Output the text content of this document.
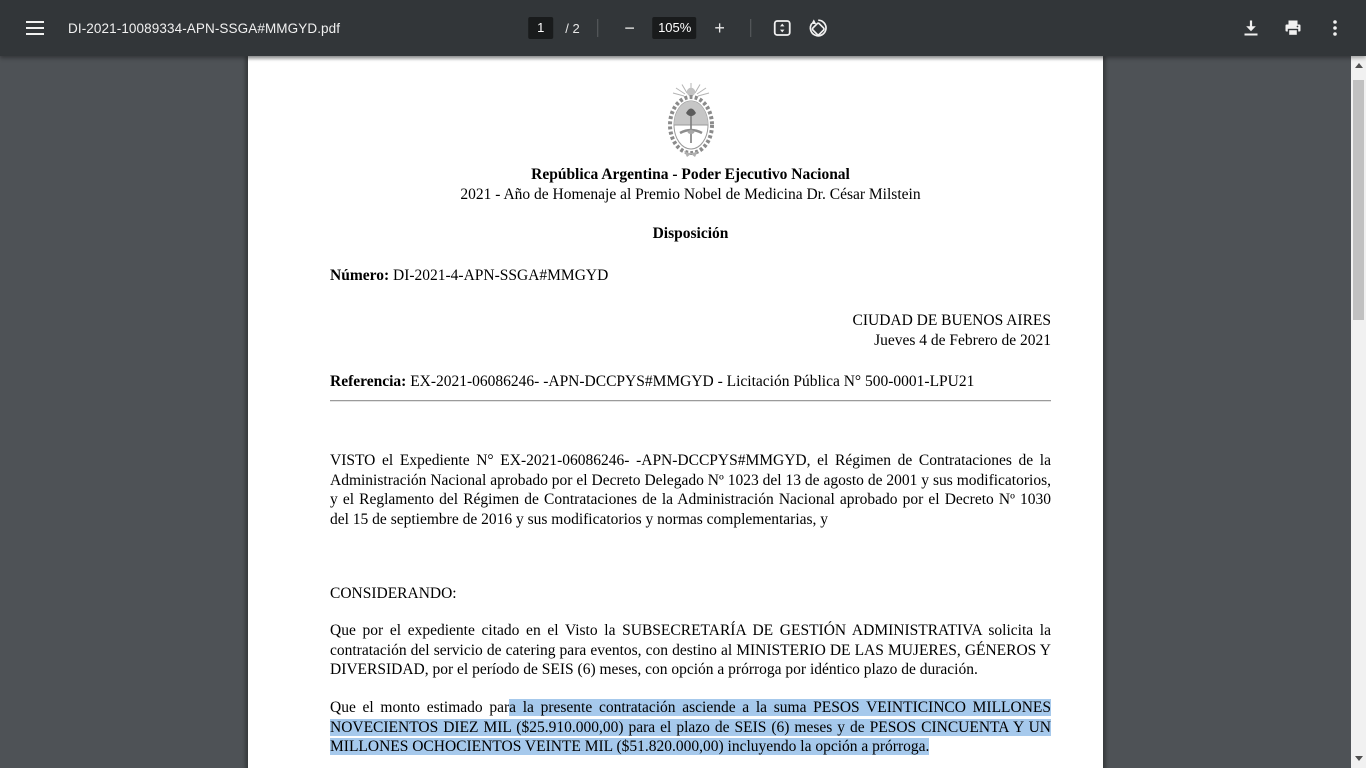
DI-2021-10089334-APN-SSGA#MMGYD.pdf	1	/ 2	−	105%	+
República Argentina - Poder Ejecutivo Nacional
2021 - Año de Homenaje al Premio Nobel de Medicina Dr. César Milstein
Disposición
Número: DI-2021-4-APN-SSGA#MMGYD
CIUDAD DE BUENOS AIRES
Jueves 4 de Febrero de 2021
Referencia: EX-2021-06086246- -APN-DCCPYS#MMGYD - Licitación Pública N° 500-0001-LPU21

VISTO el Expediente N° EX-2021-06086246- -APN-DCCPYS#MMGYD, el Régimen de Contrataciones de la Administración Nacional aprobado por el Decreto Delegado Nº 1023 del 13 de agosto de 2001 y sus modificatorios, y el Reglamento del Régimen de Contrataciones de la Administración Nacional aprobado por el Decreto Nº 1030 del 15 de septiembre de 2016 y sus modificatorios y normas complementarias, y

CONSIDERANDO:

Que por el expediente citado en el Visto la SUBSECRETARÍA DE GESTIÓN ADMINISTRATIVA solicita la contratación del servicio de catering para eventos, con destino al MINISTERIO DE LAS MUJERES, GÉNEROS Y DIVERSIDAD, por el período de SEIS (6) meses, con opción a prórroga por idéntico plazo de duración.

Que el monto estimado para la presente contratación asciende a la suma PESOS VEINTICINCO MILLONES NOVECIENTOS DIEZ MIL ($25.910.000,00) para el plazo de SEIS (6) meses y de PESOS CINCUENTA Y UN MILLONES OCHOCIENTOS VEINTE MIL ($51.820.000,00) incluyendo la opción a prórroga.
